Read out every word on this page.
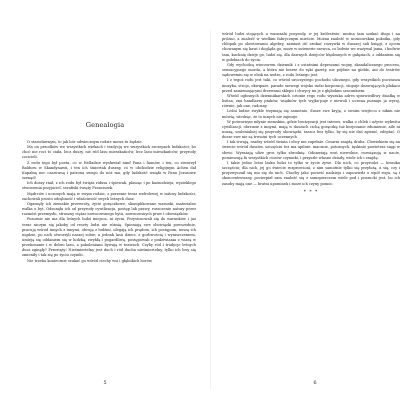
Genealogia

O starodawnym, to jak bór odwiecznym rodzie mowa tu będzie.

Ma on przodków we wszystkich wiekach i tradycję we wszystkich szczepach ludzkości; bo choć nie roci to ciała, lecz duszy, nie ród lasu mieszkańców, lecz lasu mieszkańców, przyrody czcicieli.

Z rodu tego był poeta, co w Helladzie wysławiał nimf Pana i faunów, i ten, co stworzył Balduru w Skandynawii, i ten ich śmiertak duszny, co w obchodzie religijnym Achen dał Kupałnę noc czarowną i patrona swego do nóż ma, gdy ludzkość wzięła w Pana Jezusowe szenąd!

Ich duszy rnał, z ich rodu był święta ridusa i śpiewak, plasząc i po każnodzieja, wyzieklego stworzenia przyjaciel, serafiski święty Franciszek.

Mędrców i uczonych mają w swym rodzie, z porzenie teraz wzfrolewej w mitosy ludzkości, zachowali prosto odrębność i właściwość swych leśnych dusz.

Ogarnęły ich ziemskie przewroty, życie gorączkowe, skomplikowane warunki, materialne walka o byt. Odsunęła ich od przyrody cywilizacja, postęp lak prawy, ruszczenie natury przez rozmóst przemysłu, straszny ciężar nowoczesnego bytu, nowoczesnych praw i obowiązków.

Pozornie nie ma dla leśnych ludzi miejsca, ni życia. Przystosowali się do warunków i już teraz niczym się jakoby od reszty ludzi nie różnią. Spieniają swe obowiązki powszednie, pracują wśród innych z innymi, obcują z ludźmi, ulegają ich prądom, ich postępom, noszą ich nigdzie, po nich otworzyli naszej sobie; a jednak lasu dzieci, z gorliwością i wyniszczeniem, umieją się oddaniem się w ludzką, zwykłą i pogardliwą, postępowali z podziwiania z wiarą w przekonanie i w dobro lasu, a pokoleniami bywają w teatrach. Czyby ród i tradycje leśnych dusz zginęły? Przestęty! Nieśmiertelny jest duch i ród ducha nieśmiertelny, tylko ich losy się zmieniły i tak się po życiu czyniło.

Nie trzeba koniecznie szukać go wśród ciechy wsi i głębokich borów,

5

wśród ludzi stojących u wanszafa posyrody, w jej królestwie: można tam szukać ifugo i na próżno, a znaleźć w wielkim fabrycznym mieście. Można znaleźć w uczniowskim pokoiku, gdy chłopak po obrotowaniu algebry, zamiast iść szukać rozrywki w duszzej sali księgi, z ojcem chowanym się bawi i dogląda go, może w sutenerie szewca, co ledwie we wazywal jama, i hodwie tam, kuchnię dzieje go, ludzi się, dla dawnych dziejców błędzonych w gałęziach, z oddaniem się w gołebiach do życia.

Gdy wychodzą wieczorem dziennik i z ostatnimi depeszami wojny, skandalicznego procesu, sensacyjnego mordu, a która nie bierze do ręki gazety, nie pójdzie na giełde, ani do teatrów sądowemiu się w obok na nodze, z rodu leśnego jest.

I z tegoż rodu jest taki, co wśród uroczystego pochodu ulicznego, gdy wszystkich pocztasza muzyka, strojo, ekwipaże, parade szewegi wojsko tudzi korporacji, stopuje dozorujących płakacz przed zamieniającymi drzewami sklepu i chwycy nu je z głębokim szacunkiem.

Wśród ogłosnych dzienniikarskich cztonie rego rodu wyszuka adres sprawiedliwy działkę w lisitsa, zna handlarzy ptaków, wiądnów tych wyjka-puje z niewoli i uczena pusnaju ja wyraj, równie, jak one, radosny.

Leśni ludzie zwykle trzymają się samotnie, dusze swe kryją, o swoim wiejtccu z nikim nie mówią, wiedząc, że to innych nie zajmuje.

W potwornym młynie ziemskim, gdzie brutzyzacji jest interes, walka o chleb i uźycie wykwitu cywilizacji, obrzuzie z innymi, mają w duszach cichą gorączkę tuż krzyczanie zdumienie, aile ni nuszą, szalenialnej się przyrody obowiązki, taszcz bez tylko, by się nie daś zgienić, zdeptać. O dusze swe nie są trwożni tych uczennych.

I tak trwają, rzadzy wśród świata i obcy mu zupełnie. Cesarni znajdą druha. Cłowiekiem się na świecie wśród duszów, szczęściu też ma upilnie: macznie, potoznych, tęskinie powietrza sięgi w słowo. Wyrażają uliże gros tylko zbrodnię. Odnawiają woń niewolnie, rozwiązują w nacie, pomieszują fu wszystkich ciosów czynniki, i przyszłe własne dziady, wiele ich i znajdę.

I takie jedno leśni lasku ludzi to tylko w życie żywe. Dla nich, co przyrodzi — kronika szczęściu; dla nich, jej go świecie rozprorcioni, z nim samotnie tylko się przyłożą, a się, czy i przyzwyczaił się mu się do nich. Choćby jako pocieść nadzieja i zapowiedz o wpół rogu, są i skoncentrowany, pocierpiał sam znaleźć się z samopierczem wiele pod i porzucki jest, bo ich zasoby mają one — bratni upominek i może ich czyny pomoc.

* * *
6
